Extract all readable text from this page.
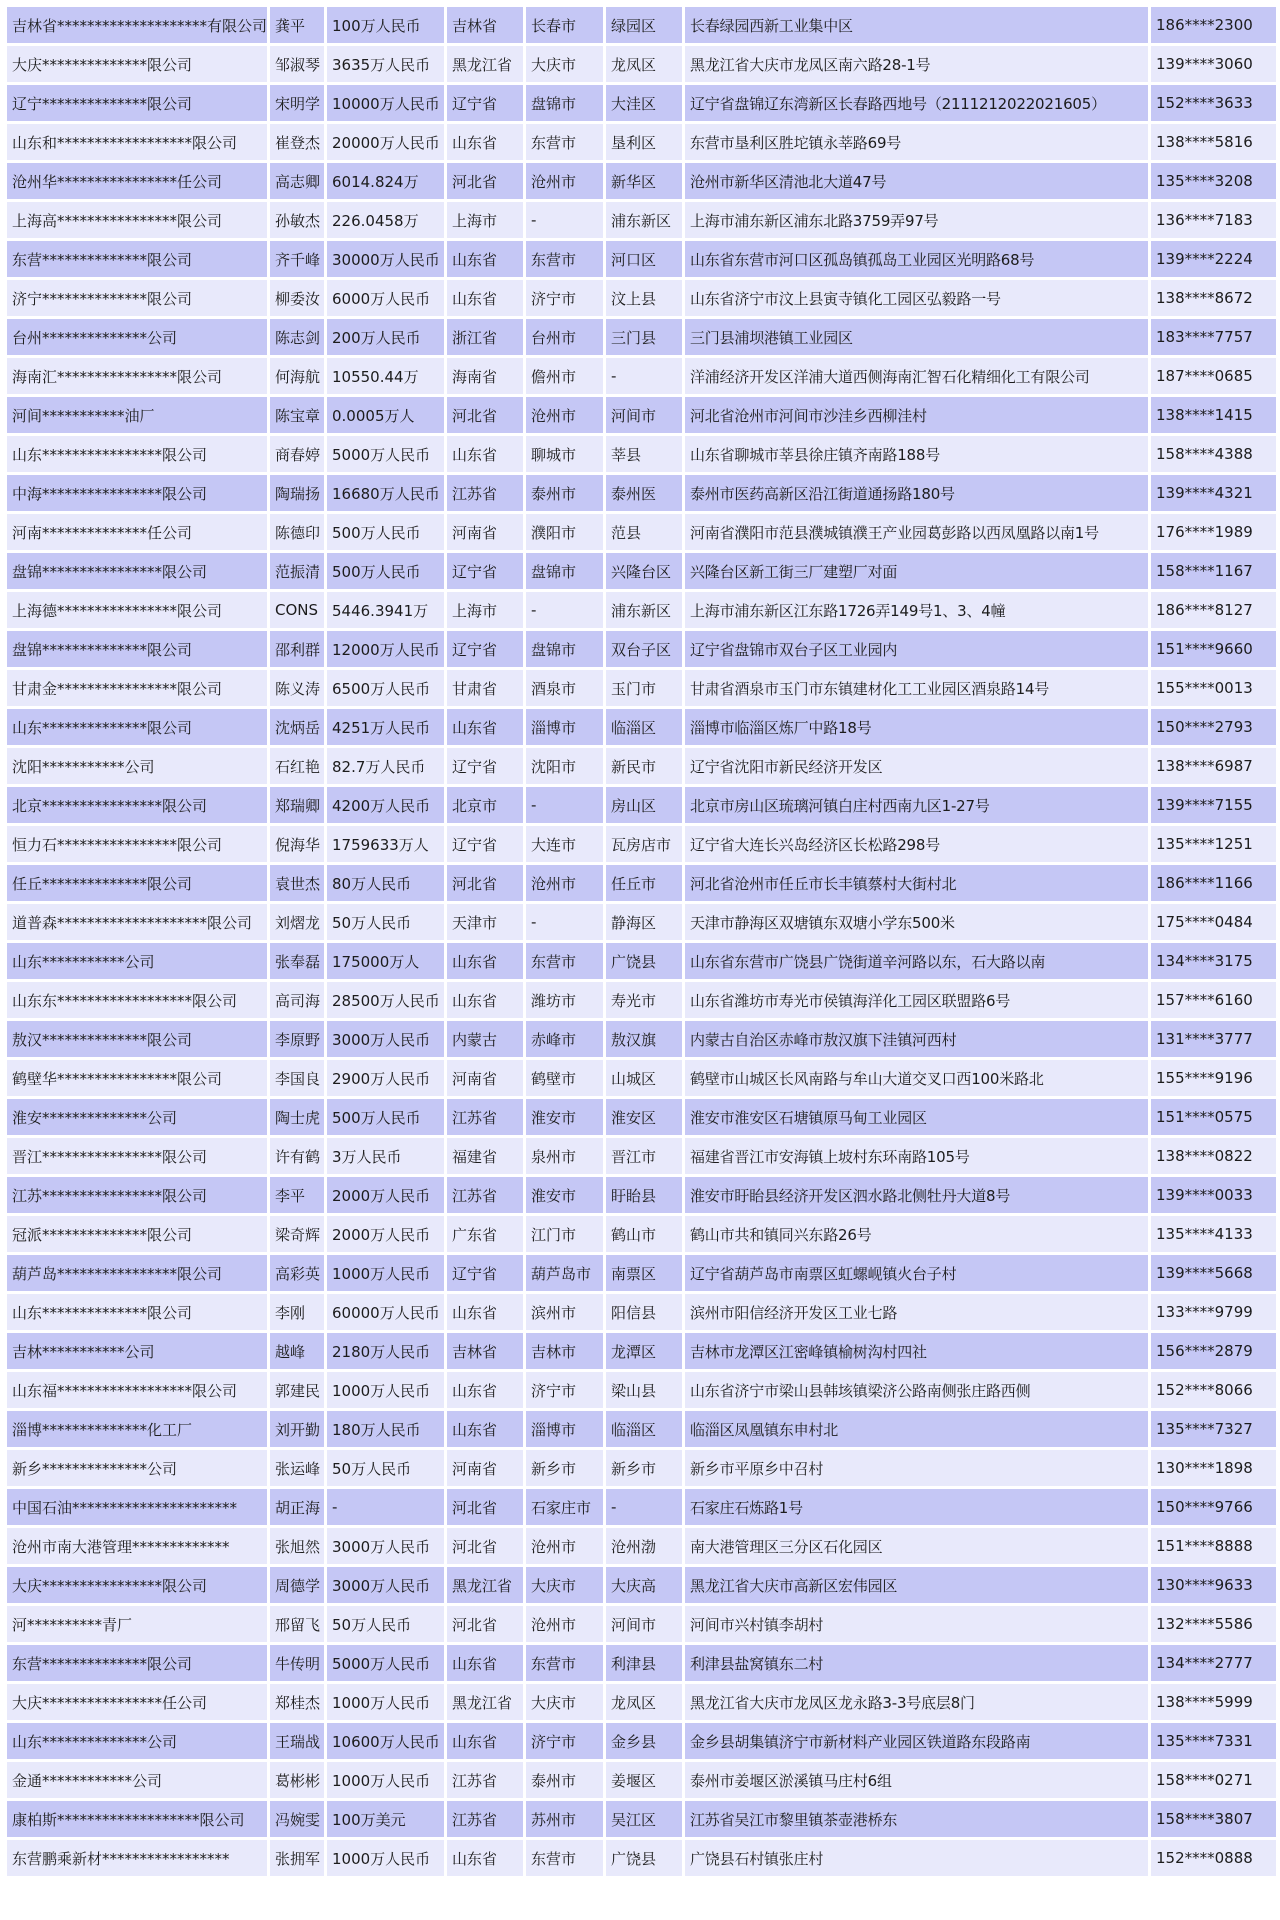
吉林省********************有限公司	龚平	100万人民币	吉林省	长春市	绿园区	长春绿园西新工业集中区	186****2300
大庆**************限公司	邹淑琴	3635万人民币	黑龙江省	大庆市	龙凤区	黑龙江省大庆市龙凤区南六路28-1号	139****3060
辽宁**************限公司	宋明学	10000万人民币	辽宁省	盘锦市	大洼区	辽宁省盘锦辽东湾新区长春路西地号（2111212022021605）	152****3633
山东和******************限公司	崔登杰	20000万人民币	山东省	东营市	垦利区	东营市垦利区胜坨镇永莘路69号	138****5816
沧州华****************任公司	高志卿	6014.824万	河北省	沧州市	新华区	沧州市新华区清池北大道47号	135****3208
上海高****************限公司	孙敏杰	226.0458万	上海市	-	浦东新区	上海市浦东新区浦东北路3759弄97号	136****7183
东营**************限公司	齐千峰	30000万人民币	山东省	东营市	河口区	山东省东营市河口区孤岛镇孤岛工业园区光明路68号	139****2224
济宁**************限公司	柳委汝	6000万人民币	山东省	济宁市	汶上县	山东省济宁市汶上县寅寺镇化工园区弘毅路一号	138****8672
台州**************公司	陈志剑	200万人民币	浙江省	台州市	三门县	三门县浦坝港镇工业园区	183****7757
海南汇****************限公司	何海航	10550.44万	海南省	儋州市	-	洋浦经济开发区洋浦大道西侧海南汇智石化精细化工有限公司	187****0685
河间***********油厂	陈宝章	0.0005万人	河北省	沧州市	河间市	河北省沧州市河间市沙洼乡西柳洼村	138****1415
山东****************限公司	商春婷	5000万人民币	山东省	聊城市	莘县	山东省聊城市莘县徐庄镇齐南路188号	158****4388
中海****************限公司	陶瑞扬	16680万人民币	江苏省	泰州市	泰州医	泰州市医药高新区沿江街道通扬路180号	139****4321
河南**************任公司	陈德印	500万人民币	河南省	濮阳市	范县	河南省濮阳市范县濮城镇濮王产业园葛彭路以西凤凰路以南1号	176****1989
盘锦****************限公司	范振清	500万人民币	辽宁省	盘锦市	兴隆台区	兴隆台区新工街三厂建塑厂对面	158****1167
上海德****************限公司	CONS	5446.3941万	上海市	-	浦东新区	上海市浦东新区江东路1726弄149号1、3、4幢	186****8127
盘锦**************限公司	邵利群	12000万人民币	辽宁省	盘锦市	双台子区	辽宁省盘锦市双台子区工业园内	151****9660
甘肃金****************限公司	陈义涛	6500万人民币	甘肃省	酒泉市	玉门市	甘肃省酒泉市玉门市东镇建材化工工业园区酒泉路14号	155****0013
山东**************限公司	沈炳岳	4251万人民币	山东省	淄博市	临淄区	淄博市临淄区炼厂中路18号	150****2793
沈阳***********公司	石红艳	82.7万人民币	辽宁省	沈阳市	新民市	辽宁省沈阳市新民经济开发区	138****6987
北京****************限公司	郑瑞卿	4200万人民币	北京市	-	房山区	北京市房山区琉璃河镇白庄村西南九区1-27号	139****7155
恒力石****************限公司	倪海华	1759633万人	辽宁省	大连市	瓦房店市	辽宁省大连长兴岛经济区长松路298号	135****1251
任丘**************限公司	袁世杰	80万人民币	河北省	沧州市	任丘市	河北省沧州市任丘市长丰镇蔡村大街村北	186****1166
道普森********************限公司	刘熠龙	50万人民币	天津市	-	静海区	天津市静海区双塘镇东双塘小学东500米	175****0484
山东***********公司	张奉磊	175000万人	山东省	东营市	广饶县	山东省东营市广饶县广饶街道辛河路以东，石大路以南	134****3175
山东东******************限公司	高司海	28500万人民币	山东省	潍坊市	寿光市	山东省潍坊市寿光市侯镇海洋化工园区联盟路6号	157****6160
敖汉**************限公司	李原野	3000万人民币	内蒙古	赤峰市	敖汉旗	内蒙古自治区赤峰市敖汉旗下洼镇河西村	131****3777
鹤壁华****************限公司	李国良	2900万人民币	河南省	鹤壁市	山城区	鹤壁市山城区长风南路与牟山大道交叉口西100米路北	155****9196
淮安**************公司	陶士虎	500万人民币	江苏省	淮安市	淮安区	淮安市淮安区石塘镇原马甸工业园区	151****0575
晋江****************限公司	许有鹤	3万人民币	福建省	泉州市	晋江市	福建省晋江市安海镇上坡村东环南路105号	138****0822
江苏****************限公司	李平	2000万人民币	江苏省	淮安市	盱眙县	淮安市盱眙县经济开发区泗水路北侧牡丹大道8号	139****0033
冠派**************限公司	梁奇辉	2000万人民币	广东省	江门市	鹤山市	鹤山市共和镇同兴东路26号	135****4133
葫芦岛****************限公司	高彩英	1000万人民币	辽宁省	葫芦岛市	南票区	辽宁省葫芦岛市南票区虹螺岘镇火台子村	139****5668
山东**************限公司	李刚	60000万人民币	山东省	滨州市	阳信县	滨州市阳信经济开发区工业七路	133****9799
吉林***********公司	越峰	2180万人民币	吉林省	吉林市	龙潭区	吉林市龙潭区江密峰镇榆树沟村四社	156****2879
山东福******************限公司	郭建民	1000万人民币	山东省	济宁市	梁山县	山东省济宁市梁山县韩垓镇梁济公路南侧张庄路西侧	152****8066
淄博**************化工厂	刘开勤	180万人民币	山东省	淄博市	临淄区	临淄区凤凰镇东申村北	135****7327
新乡**************公司	张运峰	50万人民币	河南省	新乡市	新乡市	新乡市平原乡中召村	130****1898
中国石油**********************	胡正海	-	河北省	石家庄市	-	石家庄石炼路1号	150****9766
沧州市南大港管理*************	张旭然	3000万人民币	河北省	沧州市	沧州渤	南大港管理区三分区石化园区	151****8888
大庆****************限公司	周德学	3000万人民币	黑龙江省	大庆市	大庆高	黑龙江省大庆市高新区宏伟园区	130****9633
河**********青厂	邢留飞	50万人民币	河北省	沧州市	河间市	河间市兴村镇李胡村	132****5586
东营**************限公司	牛传明	5000万人民币	山东省	东营市	利津县	利津县盐窝镇东二村	134****2777
大庆****************任公司	郑桂杰	1000万人民币	黑龙江省	大庆市	龙凤区	黑龙江省大庆市龙凤区龙永路3-3号底层8门	138****5999
山东**************公司	王瑞战	10600万人民币	山东省	济宁市	金乡县	金乡县胡集镇济宁市新材料产业园区铁道路东段路南	135****7331
金通************公司	葛彬彬	1000万人民币	江苏省	泰州市	姜堰区	泰州市姜堰区淤溪镇马庄村6组	158****0271
康柏斯*******************限公司	冯婉雯	100万美元	江苏省	苏州市	吴江区	江苏省吴江市黎里镇茶壶港桥东	158****3807
东营鹏乘新材*****************	张拥军	1000万人民币	山东省	东营市	广饶县	广饶县石村镇张庄村	152****0888
